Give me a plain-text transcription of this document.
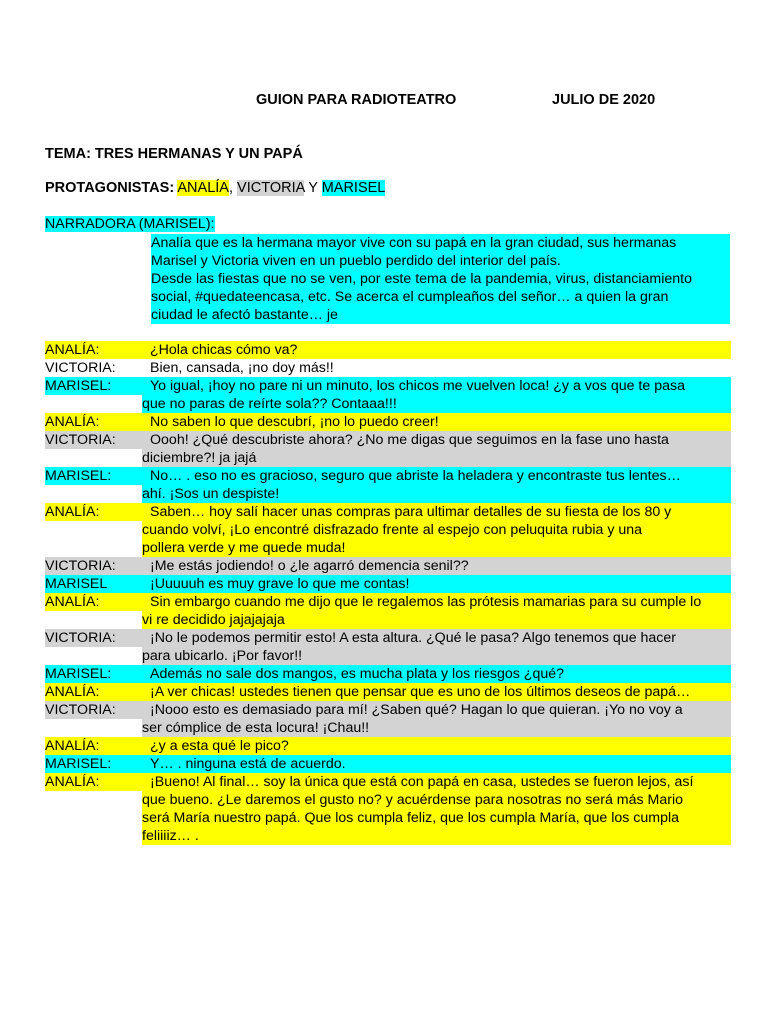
GUION PARA RADIOTEATRO	JULIO DE 2020
TEMA: TRES HERMANAS Y UN PAPÁ
PROTAGONISTAS: ANALÍA, VICTORIA Y MARISEL
NARRADORA (MARISEL):
Analía que es la hermana mayor vive con su papá en la gran ciudad, sus hermanas
Marisel y Victoria viven en un pueblo perdido del interior del país.
Desde las fiestas que no se ven, por este tema de la pandemia, virus, distanciamiento
social, #quedateencasa, etc. Se acerca el cumpleaños del señor… a quien la gran
ciudad le afectó bastante… je
ANALÍA:	¿Hola chicas cómo va?
VICTORIA:	Bien, cansada, ¡no doy más!!
MARISEL:	Yo igual, ¡hoy no pare ni un minuto, los chicos me vuelven loca! ¿y a vos que te pasa
que no paras de reírte sola?? Contaaa!!!
ANALÍA:	No saben lo que descubrí, ¡no lo puedo creer!
VICTORIA:	Oooh! ¿Qué descubriste ahora? ¿No me digas que seguimos en la fase uno hasta
diciembre?! ja jajá
MARISEL:	No… . eso no es gracioso, seguro que abriste la heladera y encontraste tus lentes…
ahí. ¡Sos un despiste!
ANALÍA:	Saben… hoy salí hacer unas compras para ultimar detalles de su fiesta de los 80 y
cuando volví, ¡Lo encontré disfrazado frente al espejo con peluquita rubia y una
pollera verde y me quede muda!
VICTORIA:	¡Me estás jodiendo! o ¿le agarró demencia senil??
MARISEL	¡Uuuuuh es muy grave lo que me contas!
ANALÍA:	Sin embargo cuando me dijo que le regalemos las prótesis mamarias para su cumple lo
vi re decidido jajajajaja
VICTORIA:	¡No le podemos permitir esto! A esta altura. ¿Qué le pasa? Algo tenemos que hacer
para ubicarlo. ¡Por favor!!
MARISEL:	Además no sale dos mangos, es mucha plata y los riesgos ¿qué?
ANALÍA:	¡A ver chicas! ustedes tienen que pensar que es uno de los últimos deseos de papá…
VICTORIA:	¡Nooo esto es demasiado para mí! ¿Saben qué? Hagan lo que quieran. ¡Yo no voy a
ser cómplice de esta locura! ¡Chau!!
ANALÍA:	¿y a esta qué le pico?
MARISEL:	Y… . ninguna está de acuerdo.
ANALÍA:	¡Bueno! Al final… soy la única que está con papá en casa, ustedes se fueron lejos, así
que bueno. ¿Le daremos el gusto no? y acuérdense para nosotras no será más Mario
será María nuestro papá. Que los cumpla feliz, que los cumpla María, que los cumpla
feliiiiz… .
